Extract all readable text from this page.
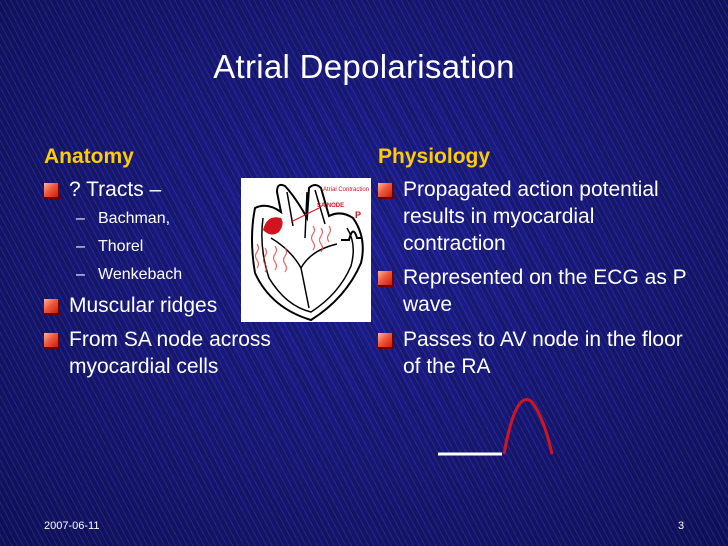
Atrial Depolarisation
Anatomy
? Tracts –
– Bachman,
– Thorel
– Wenkebach
Muscular ridges
From SA node across myocardial cells
Atrial Contraction
SA NODE
P
Physiology
Propagated action potential results in myocardial contraction
Represented on the ECG as P wave
Passes to AV node in the floor of the RA
2007-06-11	3
